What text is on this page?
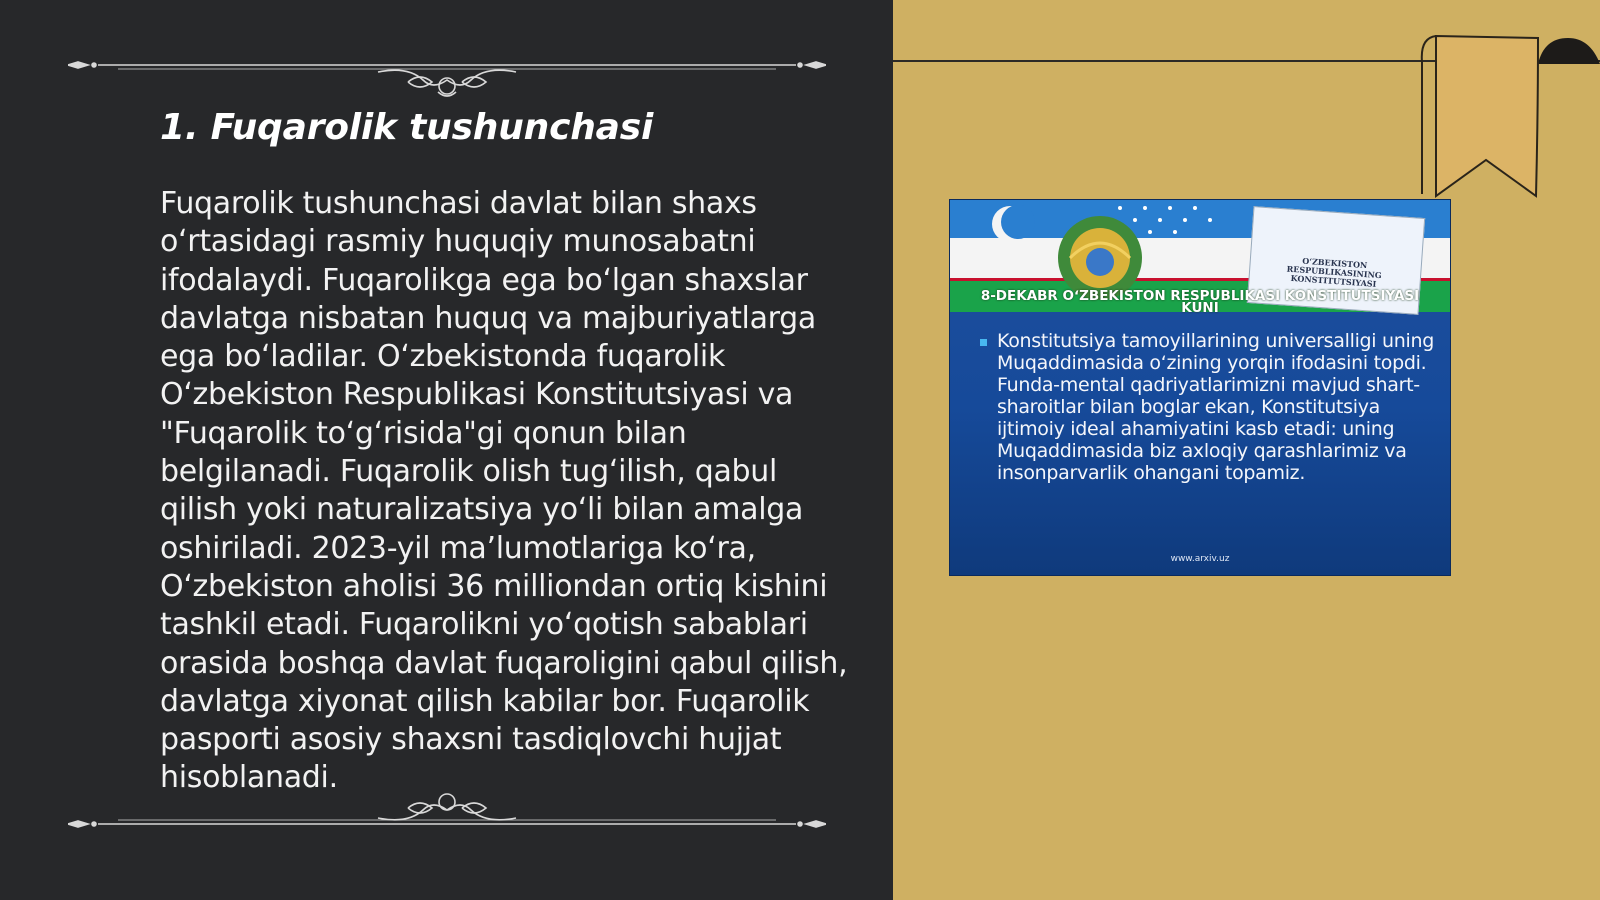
1. Fuqarolik tushunchasi

Fuqarolik tushunchasi davlat bilan shaxs oʻrtasidagi rasmiy huquqiy munosabatni ifodalaydi. Fuqarolikga ega boʻlgan shaxslar davlatga nisbatan huquq va majburiyatlarga ega boʻladilar. Oʻzbekistonda fuqarolik Oʻzbekiston Respublikasi Konstitutsiyasi va "Fuqarolik toʻgʻrisida"gi qonun bilan belgilanadi. Fuqarolik olish tugʻilish, qabul qilish yoki naturalizatsiya yoʻli bilan amalga oshiriladi. 2023-yil maʼlumotlariga koʻra, Oʻzbekiston aholisi 36 milliondan ortiq kishini tashkil etadi. Fuqarolikni yoʻqotish sabablari orasida boshqa davlat fuqaroligini qabul qilish, davlatga xiyonat qilish kabilar bor. Fuqarolik pasporti asosiy shaxsni tasdiqlovchi hujjat hisoblanadi.

OʻZBEKISTON RESPUBLIKASINING KONSTITUTSIYASI
8-DEKABR OʻZBEKISTON RESPUBLIKASI KONSTITUTSIYASI KUNI

Konstitutsiya tamoyillarining universalligi uning Muqaddimasida oʻzining yorqin ifodasini topdi. Funda-mental qadriyatlarimizni mavjud shart-sharoitlar bilan boglar ekan, Konstitutsiya ijtimoiy ideal ahamiyatini kasb etadi: uning Muqaddimasida biz axloqiy qarashlarimiz va insonparvarlik ohangani topamiz.

www.arxiv.uz
